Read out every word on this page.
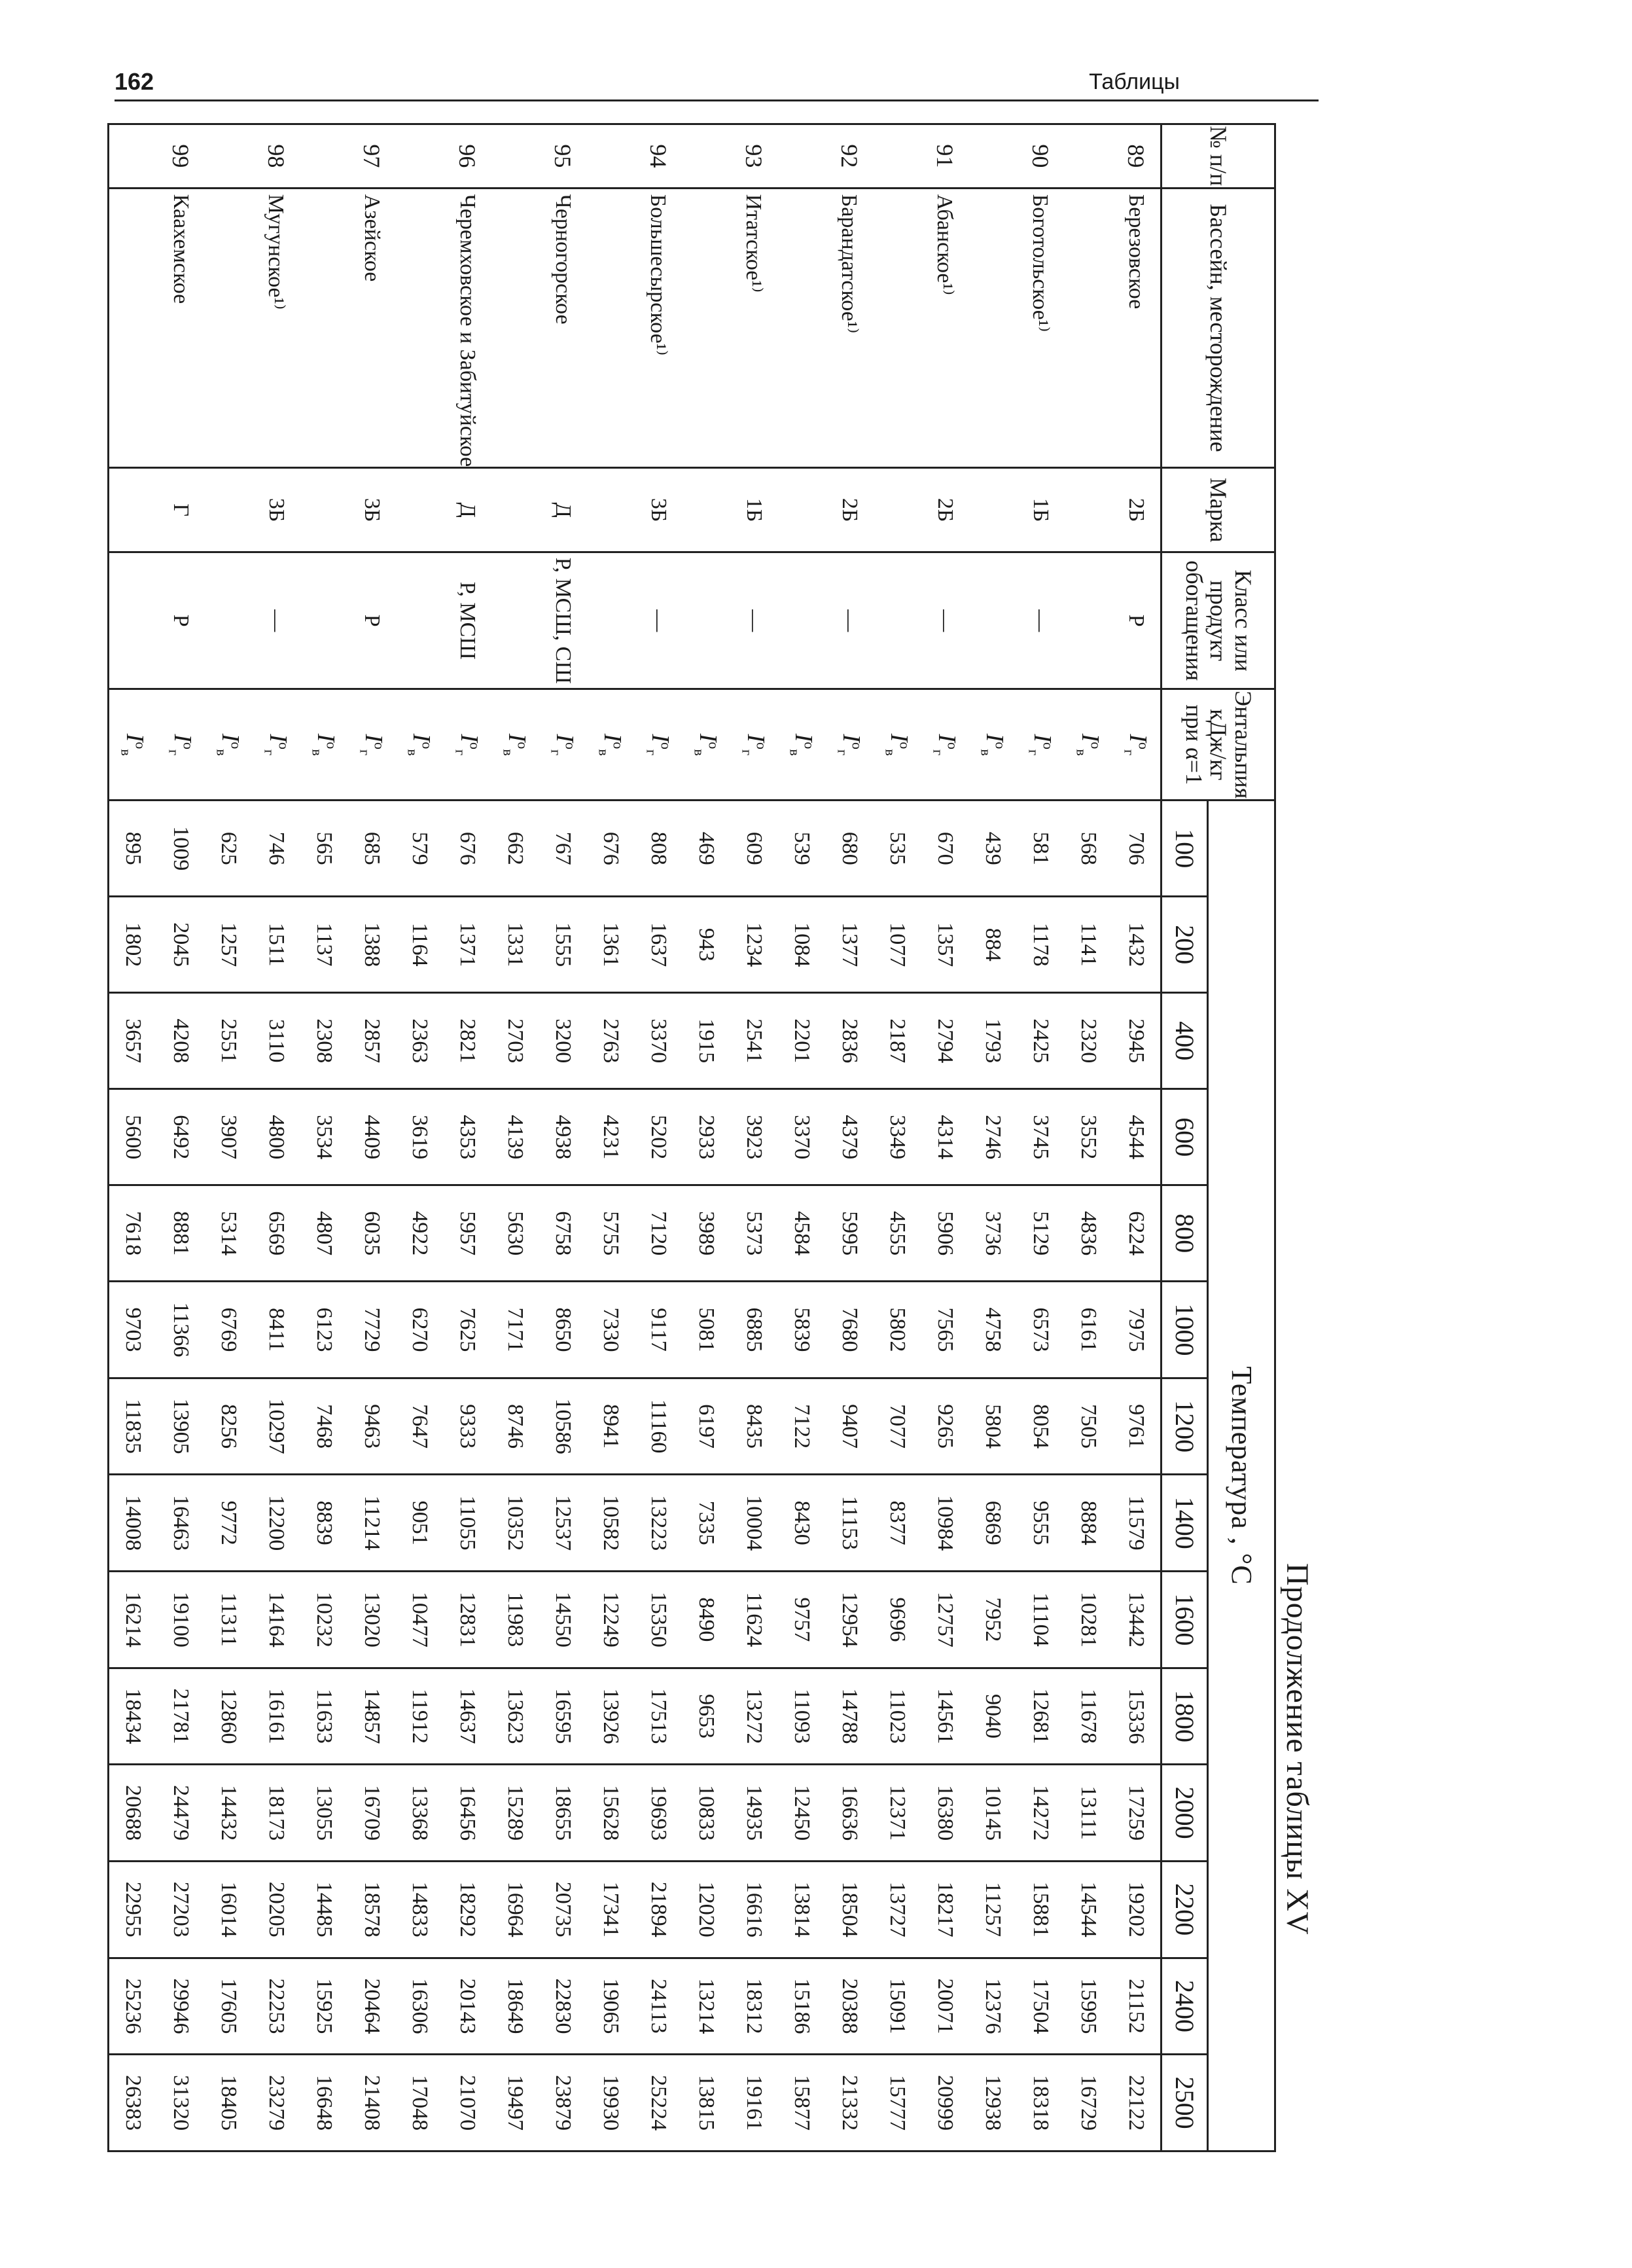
162	Таблицы
Продолжение таблицы XV
№ п/п	Бассейн, месторождение	Марка	Класс или продукт обогащения	Энтальпия кДж/кг при α=1	Температура , °C													
					100	200	400	600	800	1000	1200	1400	1600	1800	2000	2200	2400	2500
89	Березовское	2Б	Р	$I^o_г$	706	1432	2945	4544	6224	7975	9761	11579	13442	15336	17259	19202	21152	22122
				$I^o_в$	568	1141	2320	3552	4836	6161	7505	8884	10281	11678	13111	14544	15995	16729
90	Боготольское¹⁾	1Б	—	$I^o_г$	581	1178	2425	3745	5129	6573	8054	9555	11104	12681	14272	15881	17504	18318
				$I^o_в$	439	884	1793	2746	3736	4758	5804	6869	7952	9040	10145	11257	12376	12938
91	Абанское¹⁾	2Б	—	$I^o_г$	670	1357	2794	4314	5906	7565	9265	10984	12757	14561	16380	18217	20071	20999
				$I^o_в$	535	1077	2187	3349	4555	5802	7077	8377	9696	11023	12371	13727	15091	15777
92	Барандатское¹⁾	2Б	—	$I^o_г$	680	1377	2836	4379	5995	7680	9407	11153	12954	14788	16636	18504	20388	21332
				$I^o_в$	539	1084	2201	3370	4584	5839	7122	8430	9757	11093	12450	13814	15186	15877
93	Итатское¹⁾	1Б	—	$I^o_г$	609	1234	2541	3923	5373	6885	8435	10004	11624	13272	14935	16616	18312	19161
				$I^o_в$	469	943	1915	2933	3989	5081	6197	7335	8490	9653	10833	12020	13214	13815
94	Большесырское¹⁾	3Б	—	$I^o_г$	808	1637	3370	5202	7120	9117	11160	13223	15350	17513	19693	21894	24113	25224
				$I^o_в$	676	1361	2763	4231	5755	7330	8941	10582	12249	13926	15628	17341	19065	19930
95	Черногорское	Д	Р, МСШ, СШ	$I^o_г$	767	1555	3200	4938	6758	8650	10586	12537	14550	16595	18655	20735	22830	23879
				$I^o_в$	662	1331	2703	4139	5630	7171	8746	10352	11983	13623	15289	16964	18649	19497
96	Черемховское и Забитуйское	Д	Р, МСШ	$I^o_г$	676	1371	2821	4353	5957	7625	9333	11055	12831	14637	16456	18292	20143	21070
				$I^o_в$	579	1164	2363	3619	4922	6270	7647	9051	10477	11912	13368	14833	16306	17048
97	Азейское	3Б	Р	$I^o_г$	685	1388	2857	4409	6035	7729	9463	11214	13020	14857	16709	18578	20464	21408
				$I^o_в$	565	1137	2308	3534	4807	6123	7468	8839	10232	11633	13055	14485	15925	16648
98	Мугунское¹⁾	3Б	—	$I^o_г$	746	1511	3110	4800	6569	8411	10297	12200	14164	16161	18173	20205	22253	23279
				$I^o_в$	625	1257	2551	3907	5314	6769	8256	9772	11311	12860	14432	16014	17605	18405
99	Каахемское	Г	Р	$I^o_г$	1009	2045	4208	6492	8881	11366	13905	16463	19100	21781	24479	27203	29946	31320
				$I^o_в$	895	1802	3657	5600	7618	9703	11835	14008	16214	18434	20688	22955	25236	26383
